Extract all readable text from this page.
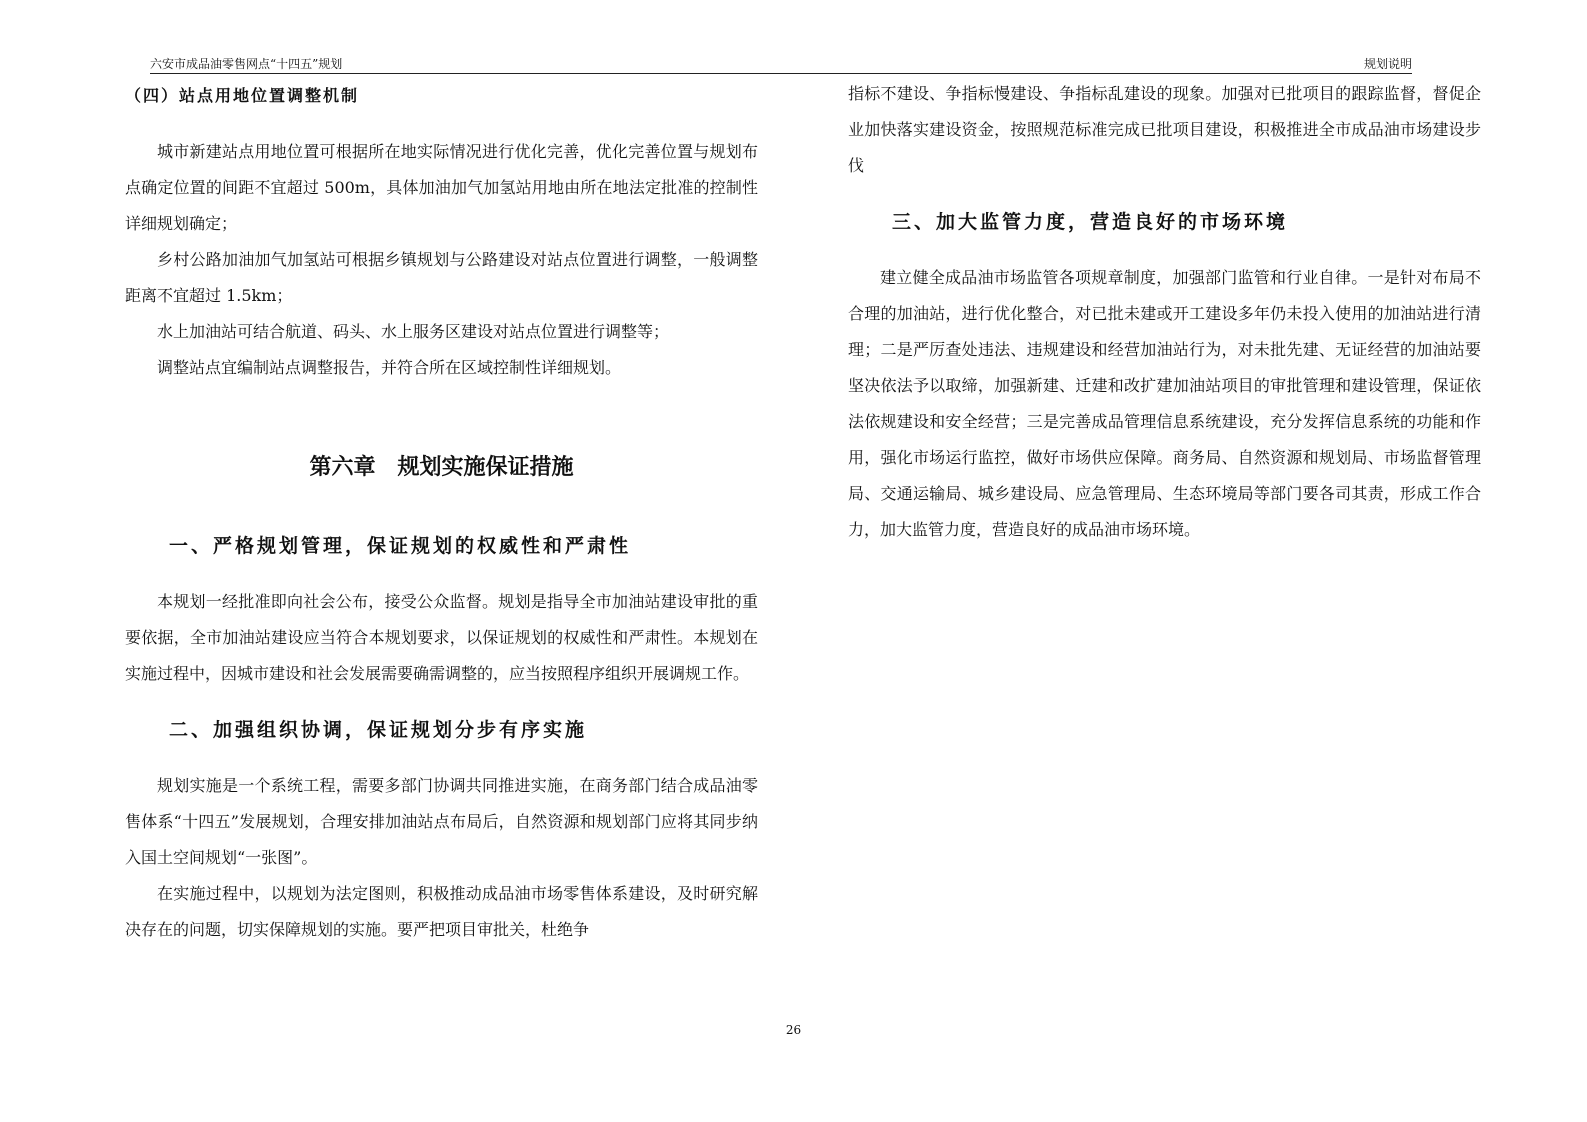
六安市成品油零售网点“十四五”规划	规划说明
（四）站点用地位置调整机制

城市新建站点用地位置可根据所在地实际情况进行优化完善，优化完善位置与规划布点确定位置的间距不宜超过 500m，具体加油加气加氢站用地由所在地法定批准的控制性详细规划确定；

乡村公路加油加气加氢站可根据乡镇规划与公路建设对站点位置进行调整，一般调整距离不宜超过 1.5km；

水上加油站可结合航道、码头、水上服务区建设对站点位置进行调整等；

调整站点宜编制站点调整报告，并符合所在区域控制性详细规划。

第六章　规划实施保证措施
一、严格规划管理，保证规划的权威性和严肃性

本规划一经批准即向社会公布，接受公众监督。规划是指导全市加油站建设审批的重要依据，全市加油站建设应当符合本规划要求，以保证规划的权威性和严肃性。本规划在实施过程中，因城市建设和社会发展需要确需调整的，应当按照程序组织开展调规工作。

二、加强组织协调，保证规划分步有序实施

规划实施是一个系统工程，需要多部门协调共同推进实施，在商务部门结合成品油零售体系“十四五”发展规划，合理安排加油站点布局后，自然资源和规划部门应将其同步纳入国土空间规划“一张图”。

在实施过程中，以规划为法定图则，积极推动成品油市场零售体系建设，及时研究解决存在的问题，切实保障规划的实施。要严把项目审批关，杜绝争

指标不建设、争指标慢建设、争指标乱建设的现象。加强对已批项目的跟踪监督，督促企业加快落实建设资金，按照规范标准完成已批项目建设，积极推进全市成品油市场建设步伐

三、加大监管力度，营造良好的市场环境

建立健全成品油市场监管各项规章制度，加强部门监管和行业自律。一是针对布局不合理的加油站，进行优化整合，对已批未建或开工建设多年仍未投入使用的加油站进行清理；二是严厉查处违法、违规建设和经营加油站行为，对未批先建、无证经营的加油站要坚决依法予以取缔，加强新建、迁建和改扩建加油站项目的审批管理和建设管理，保证依法依规建设和安全经营；三是完善成品管理信息系统建设，充分发挥信息系统的功能和作用，强化市场运行监控，做好市场供应保障。商务局、自然资源和规划局、市场监督管理局、交通运输局、城乡建设局、应急管理局、生态环境局等部门要各司其责，形成工作合力，加大监管力度，营造良好的成品油市场环境。

26
